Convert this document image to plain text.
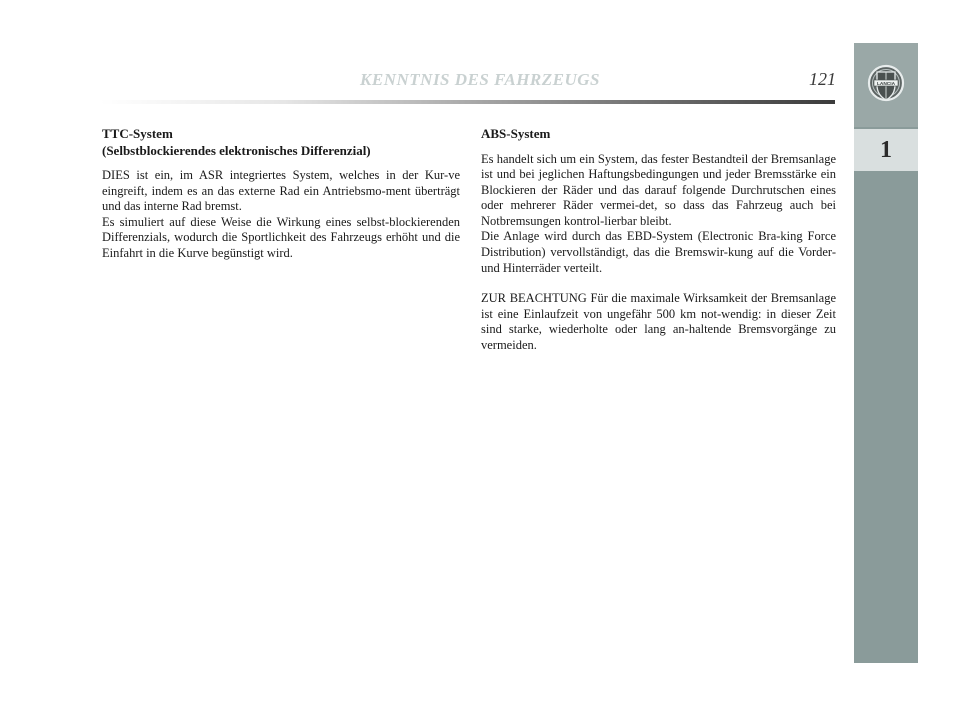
KENNTNIS DES FAHRZEUGS	121	LANCIA
1
TTC-System
(Selbstblockierendes elektronisches Differenzial)

DIES ist ein, im ASR integriertes System, welches in der Kur-ve eingreift, indem es an das externe Rad ein Antriebsmo-ment überträgt und das interne Rad bremst.

Es simuliert auf diese Weise die Wirkung eines selbst-blockierenden Differenzials, wodurch die Sportlichkeit des Fahrzeugs erhöht und die Einfahrt in die Kurve begünstigt wird.

ABS-System

Es handelt sich um ein System, das fester Bestandteil der Bremsanlage ist und bei jeglichen Haftungsbedingungen und jeder Bremsstärke ein Blockieren der Räder und das darauf folgende Durchrutschen eines oder mehrerer Räder vermei-det, so dass das Fahrzeug auch bei Notbremsungen kontrol-lierbar bleibt.

Die Anlage wird durch das EBD-System (Electronic Bra-king Force Distribution) vervollständigt, das die Bremswir-kung auf die Vorder- und Hinterräder verteilt.

ZUR BEACHTUNG Für die maximale Wirksamkeit der Bremsanlage ist eine Einlaufzeit von ungefähr 500 km not-wendig: in dieser Zeit sind starke, wiederholte oder lang an-haltende Bremsvorgänge zu vermeiden.
